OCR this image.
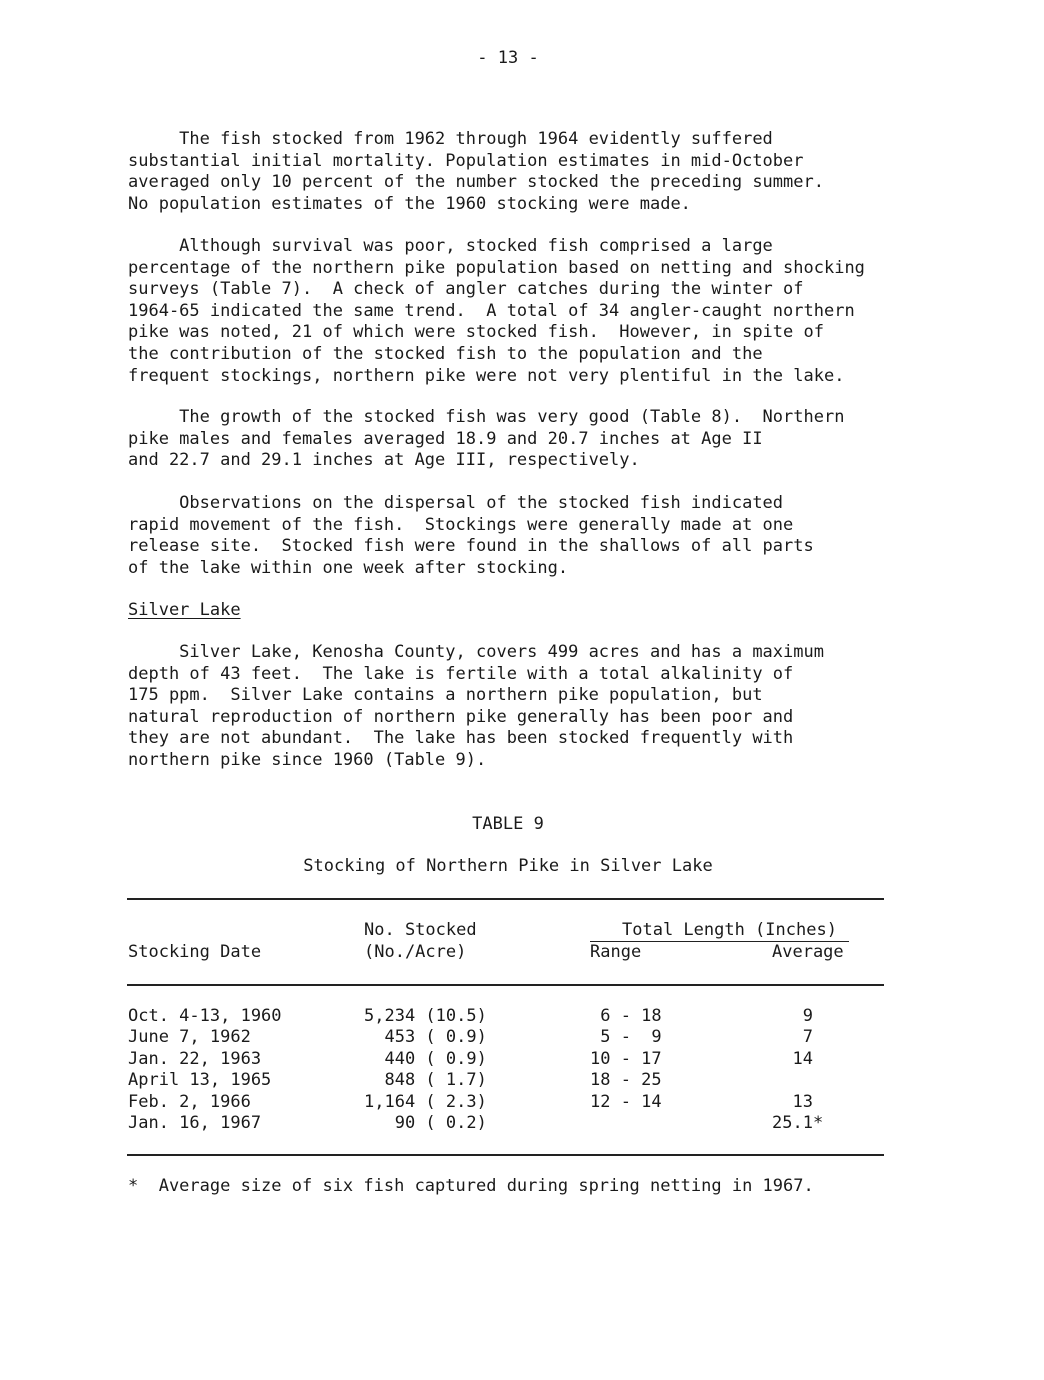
- 13 -

The fish stocked from 1962 through 1964 evidently suffered
substantial initial mortality. Population estimates in mid-October
averaged only 10 percent of the number stocked the preceding summer.
No population estimates of the 1960 stocking were made.

Although survival was poor, stocked fish comprised a large
percentage of the northern pike population based on netting and shocking
surveys (Table 7).  A check of angler catches during the winter of
1964-65 indicated the same trend.  A total of 34 angler-caught northern
pike was noted, 21 of which were stocked fish.  However, in spite of
the contribution of the stocked fish to the population and the
frequent stockings, northern pike were not very plentiful in the lake.

The growth of the stocked fish was very good (Table 8).  Northern
pike males and females averaged 18.9 and 20.7 inches at Age II
and 22.7 and 29.1 inches at Age III, respectively.

Observations on the dispersal of the stocked fish indicated
rapid movement of the fish.  Stockings were generally made at one
release site.  Stocked fish were found in the shallows of all parts
of the lake within one week after stocking.

Silver Lake

Silver Lake, Kenosha County, covers 499 acres and has a maximum
depth of 43 feet.  The lake is fertile with a total alkalinity of
175 ppm.  Silver Lake contains a northern pike population, but
natural reproduction of northern pike generally has been poor and
they are not abundant.  The lake has been stocked frequently with
northern pike since 1960 (Table 9).

TABLE 9
Stocking of Northern Pike in Silver Lake
No. Stocked
(No./Acre)
Stocking Date
Total Length (Inches)
Range	Average
Oct. 4-13, 1960
June 7, 1962
Jan. 22, 1963
April 13, 1965
Feb. 2, 1966
Jan. 16, 1967
5,234 (10.5)
453 ( 0.9)
440 ( 0.9)
848 ( 1.7)
1,164 ( 2.3)
90 ( 0.2)
6 - 18
5 -  9
10 - 17
18 - 25
12 - 14

9
7
14

13
25.1*
*  Average size of six fish captured during spring netting in 1967.
